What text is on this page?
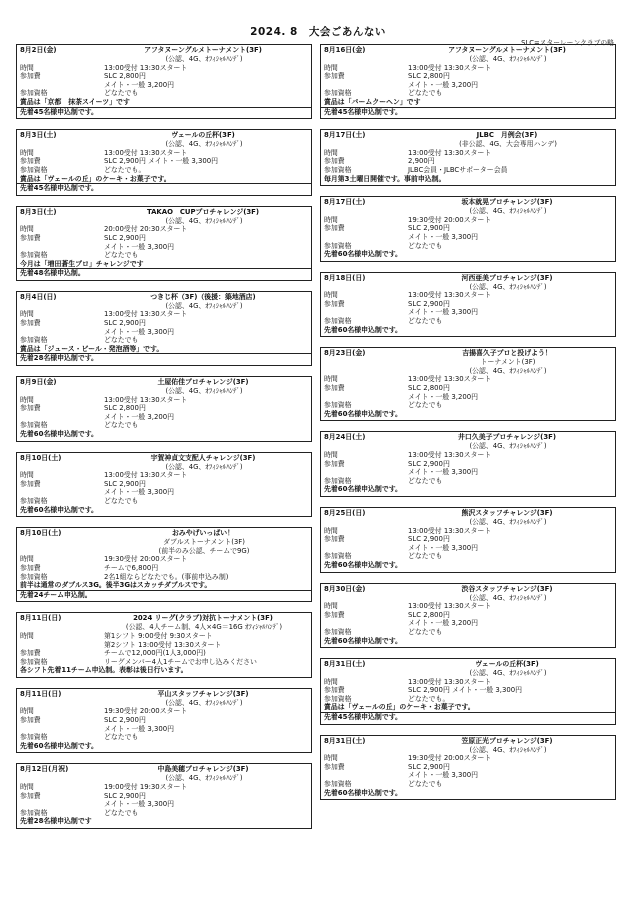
2024. 8　大会ごあんない
SLC=スターレーンクラブの略
8月2日(金)	アフタヌーングルメトーナメント(3F)
(公認、4G、ｵﾌｨｼｬﾙﾊﾝﾃﾞ)
時間	13:00受付 13:30スタート
参加費	SLC 2,800円
メイト・一般 3,200円
参加資格	どなたでも
賞品は「京都　抹茶スイーツ」です
先着45名様申込制です。
8月3日(土)	ヴェールの丘杯(3F)
(公認、4G、ｵﾌｨｼｬﾙﾊﾝﾃﾞ)
時間	13:00受付 13:30スタート
参加費	SLC 2,900円 メイト・一般 3,300円
参加資格	どなたでも。
賞品は「ヴェールの丘」のケーキ・お菓子です。
先着45名様申込制です。
8月3日(土)	TAKAO　CUPプロチャレンジ(3F)
(公認、4G、ｵﾌｨｼｬﾙﾊﾝﾃﾞ)
時間	20:00受付 20:30スタート
参加費	SLC 2,900円
メイト・一般 3,300円
参加資格	どなたでも
今月は「増田蒼生プロ」チャレンジです
先着48名様申込制。
8月4日(日)	つきじ杯（3F)（後援：築地酒店)
(公認、4G、ｵﾌｨｼｬﾙﾊﾝﾃﾞ)
時間	13:00受付 13:30スタート
参加費	SLC 2,900円
メイト・一般 3,300円
参加資格	どなたでも
賞品は「ジュース・ビール・発泡酒等」です。
先着28名様申込制です。
8月9日(金)	土屋佑佳プロチャレンジ(3F)
(公認、4G、ｵﾌｨｼｬﾙﾊﾝﾃﾞ)
時間	13:00受付 13:30スタート
参加費	SLC 2,800円
メイト・一般 3,200円
参加資格	どなたでも
先着60名様申込制です。
8月10日(土)	宇賀神貞文支配人チャレンジ(3F)
(公認、4G、ｵﾌｨｼｬﾙﾊﾝﾃﾞ)
時間	13:00受付 13:30スタート
参加費	SLC 2,900円
メイト・一般 3,300円
参加資格	どなたでも
先着60名様申込制です。
8月10日(土)	おみやげいっぱい！
ダブルストーナメント(3F)
(前半のみ公認、チームで9G)
時間	19:30受付 20:00スタート
参加費	チームで6,800円
参加資格	2名1組ならどなたでも。(事前申込み制)
前半は通常のダブルス3G。後半3Gはスカッチダブルスです。
先着24チーム申込制。
8月11日(日)	2024 リーグ(クラブ)対抗トーナメント(3F)
(公認、4人チーム制、4人×4G＝16G ｵﾌｨｼｬﾙﾊﾝﾃﾞ)
時間	第1シフト 9:00受付 9:30スタート
第2シフト 13:00受付 13:30スタート
参加費	チームで12,000円(1人3,000円)
参加資格	リーグメンバー4人1チームでお申し込みください
各シフト先着11チーム申込制。表彰は後日行います。
8月11日(日)	平山スタッフチャレンジ(3F)
(公認、4G、ｵﾌｨｼｬﾙﾊﾝﾃﾞ)
時間	19:30受付 20:00スタート
参加費	SLC 2,900円
メイト・一般 3,300円
参加資格	どなたでも
先着60名様申込制です。
8月12日(月祝)	中島美穂プロチャレンジ(3F)
(公認、4G、ｵﾌｨｼｬﾙﾊﾝﾃﾞ)
時間	19:00受付 19:30スタート
参加費	SLC 2,900円
メイト・一般 3,300円
参加資格	どなたでも
先着28名様申込制です
8月16日(金)	アフタヌーングルメトーナメント(3F)
(公認、4G、ｵﾌｨｼｬﾙﾊﾝﾃﾞ)
時間	13:00受付 13:30スタート
参加費	SLC 2,800円
メイト・一般 3,200円
参加資格	どなたでも
賞品は「バームクーヘン」です
先着45名様申込制です。
8月17日(土)	JLBC　月例会(3F)
(非公認、4G、大会専用ハンデ)
時間	13:00受付 13:30スタート
参加費	2,900円
参加資格	JLBC会員・JLBCサポーター会員
毎月第3土曜日開催です。事前申込制。
8月17日(土)	坂本就晃プロチャレンジ(3F)
(公認、4G、ｵﾌｨｼｬﾙﾊﾝﾃﾞ)
時間	19:30受付 20:00スタート
参加費	SLC 2,900円
メイト・一般 3,300円
参加資格	どなたでも
先着60名様申込制です。
8月18日(日)	河西亜美プロチャレンジ(3F)
(公認、4G、ｵﾌｨｼｬﾙﾊﾝﾃﾞ)
時間	13:00受付 13:30スタート
参加費	SLC 2,900円
メイト・一般 3,300円
参加資格	どなたでも
先着60名様申込制です。
8月23日(金)	吉揚喜久子プロと投げよう！
トーナメント(3F)
(公認、4G、ｵﾌｨｼｬﾙﾊﾝﾃﾞ)
時間	13:00受付 13:30スタート
参加費	SLC 2,800円
メイト・一般 3,200円
参加資格	どなたでも
先着60名様申込制です。
8月24日(土)	井口久美子プロチャレンジ(3F)
(公認、4G、ｵﾌｨｼｬﾙﾊﾝﾃﾞ)
時間	13:00受付 13:30スタート
参加費	SLC 2,900円
メイト・一般 3,300円
参加資格	どなたでも
先着60名様申込制です。
8月25日(日)	熊沢スタッフチャレンジ(3F)
(公認、4G、ｵﾌｨｼｬﾙﾊﾝﾃﾞ)
時間	13:00受付 13:30スタート
参加費	SLC 2,900円
メイト・一般 3,300円
参加資格	どなたでも
先着60名様申込制です。
8月30日(金)	渋谷スタッフチャレンジ(3F)
(公認、4G、ｵﾌｨｼｬﾙﾊﾝﾃﾞ)
時間	13:00受付 13:30スタート
参加費	SLC 2,800円
メイト・一般 3,200円
参加資格	どなたでも
先着60名様申込制です。
8月31日(土)	ヴェールの丘杯(3F)
(公認、4G、ｵﾌｨｼｬﾙﾊﾝﾃﾞ)
時間	13:00受付 13:30スタート
参加費	SLC 2,900円 メイト・一般 3,300円
参加資格	どなたでも。
賞品は「ヴェールの丘」のケーキ・お菓子です。
先着45名様申込制です。
8月31日(土)	笠原正光プロチャレンジ(3F)
(公認、4G、ｵﾌｨｼｬﾙﾊﾝﾃﾞ)
時間	19:30受付 20:00スタート
参加費	SLC 2,900円
メイト・一般 3,300円
参加資格	どなたでも
先着60名様申込制です。
